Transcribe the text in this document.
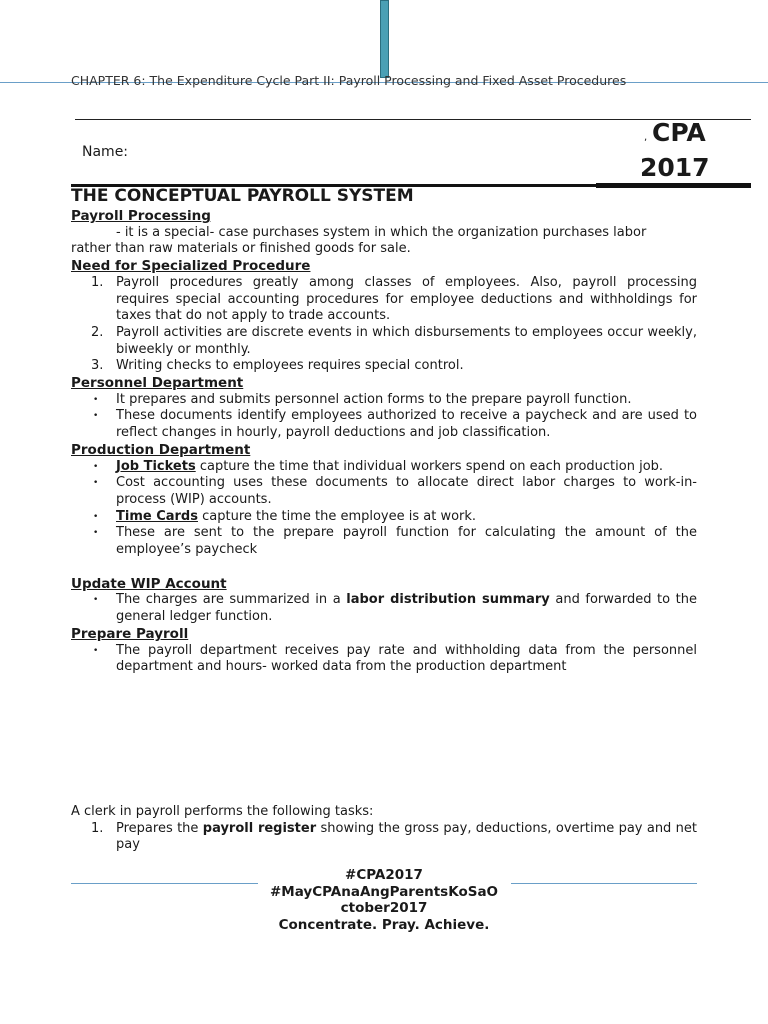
CHAPTER 6: The Expenditure Cycle Part II: Payroll Processing and Fixed Asset Procedures
Name:
, CPA
2017
THE CONCEPTUAL PAYROLL SYSTEM
Payroll Processing
- it is a special- case purchases system in which the organization purchases labor
rather than raw materials or finished goods for sale.
Need for Specialized Procedure
1. Payroll procedures greatly among classes of employees. Also, payroll processing requires special accounting procedures for employee deductions and withholdings for taxes that do not apply to trade accounts.
2. Payroll activities are discrete events in which disbursements to employees occur weekly, biweekly or monthly.
3. Writing checks to employees requires special control.
Personnel Department
• It prepares and submits personnel action forms to the prepare payroll function.
• These documents identify employees authorized to receive a paycheck and are used to reflect changes in hourly, payroll deductions and job classification.
Production Department
• Job Tickets capture the time that individual workers spend on each production job.
• Cost accounting uses these documents to allocate direct labor charges to work-in-process (WIP) accounts.
• Time Cards capture the time the employee is at work.
• These are sent to the prepare payroll function for calculating the amount of the employee’s paycheck
Update WIP Account
• The charges are summarized in a labor distribution summary and forwarded to the general ledger function.
Prepare Payroll
• The payroll department receives pay rate and withholding data from the personnel department and hours- worked data from the production department
A clerk in payroll performs the following tasks:
1. Prepares the payroll register showing the gross pay, deductions, overtime pay and net pay
#CPA2017
#MayCPAnaAngParentsKoSaO
ctober2017
Concentrate. Pray. Achieve.
